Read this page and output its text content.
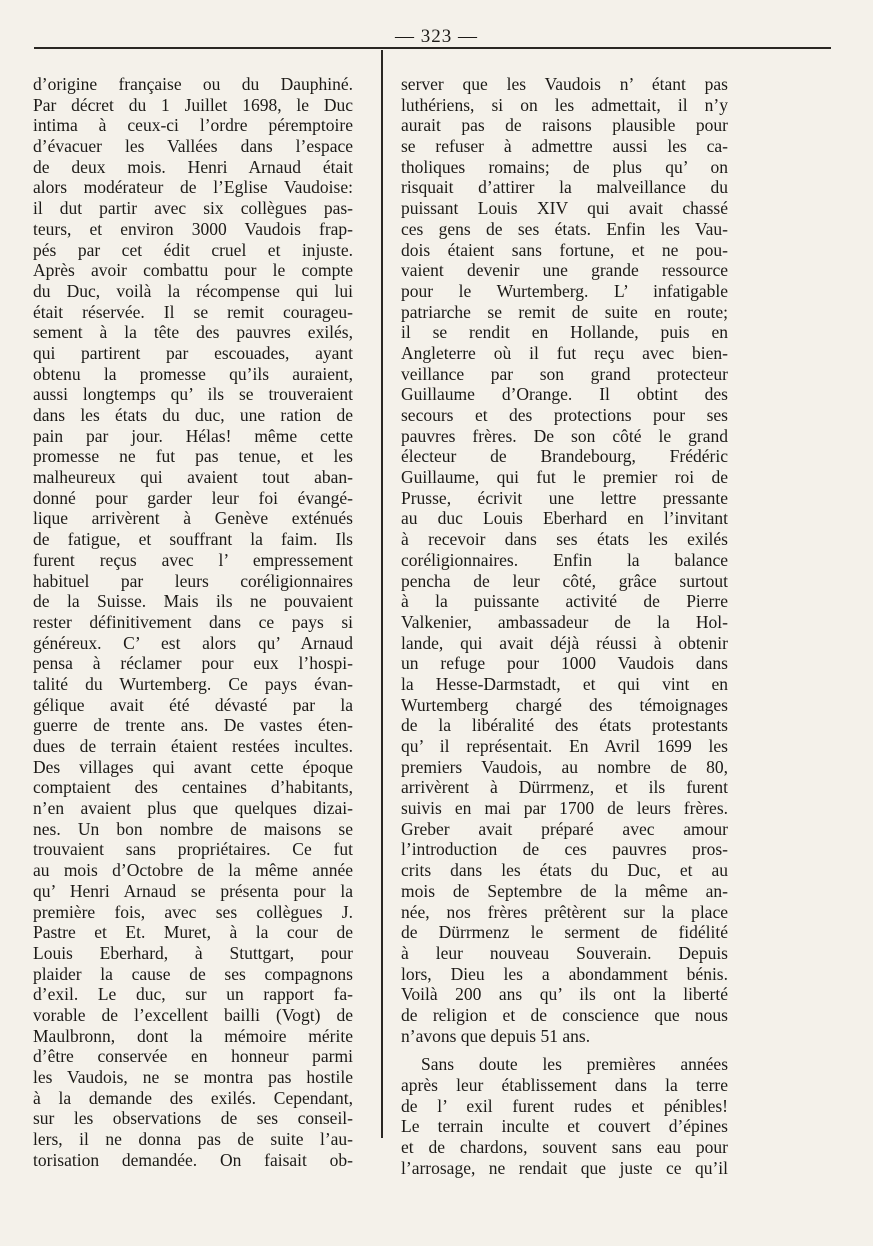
— 323 —
d’origine française ou du Dauphiné.
Par décret du 1 Juillet 1698, le Duc
intima à ceux-ci l’ordre péremptoire
d’évacuer les Vallées dans l’espace
de deux mois. Henri Arnaud était
alors modérateur de l’Eglise Vaudoise:
il dut partir avec six collègues pas-
teurs, et environ 3000 Vaudois frap-
pés par cet édit cruel et injuste.
Après avoir combattu pour le compte
du Duc, voilà la récompense qui lui
était réservée. Il se remit courageu-
sement à la tête des pauvres exilés,
qui partirent par escouades, ayant
obtenu la promesse qu’ils auraient,
aussi longtemps qu’ ils se trouveraient
dans les états du duc, une ration de
pain par jour. Hélas! même cette
promesse ne fut pas tenue, et les
malheureux qui avaient tout aban-
donné pour garder leur foi évangé-
lique arrivèrent à Genève exténués
de fatigue, et souffrant la faim. Ils
furent reçus avec l’ empressement
habituel par leurs coréligionnaires
de la Suisse. Mais ils ne pouvaient
rester définitivement dans ce pays si
généreux. C’ est alors qu’ Arnaud
pensa à réclamer pour eux l’hospi-
talité du Wurtemberg. Ce pays évan-
gélique avait été dévasté par la
guerre de trente ans. De vastes éten-
dues de terrain étaient restées incultes.
Des villages qui avant cette époque
comptaient des centaines d’habitants,
n’en avaient plus que quelques dizai-
nes. Un bon nombre de maisons se
trouvaient sans propriétaires. Ce fut
au mois d’Octobre de la même année
qu’ Henri Arnaud se présenta pour la
première fois, avec ses collègues J.
Pastre et Et. Muret, à la cour de
Louis Eberhard, à Stuttgart, pour
plaider la cause de ses compagnons
d’exil. Le duc, sur un rapport fa-
vorable de l’excellent bailli (Vogt) de
Maulbronn, dont la mémoire mérite
d’être conservée en honneur parmi
les Vaudois, ne se montra pas hostile
à la demande des exilés. Cependant,
sur les observations de ses conseil-
lers, il ne donna pas de suite l’au-
torisation demandée. On faisait ob-
server que les Vaudois n’ étant pas
luthériens, si on les admettait, il n’y
aurait pas de raisons plausible pour
se refuser à admettre aussi les ca-
tholiques romains; de plus qu’ on
risquait d’attirer la malveillance du
puissant Louis XIV qui avait chassé
ces gens de ses états. Enfin les Vau-
dois étaient sans fortune, et ne pou-
vaient devenir une grande ressource
pour le Wurtemberg. L’ infatigable
patriarche se remit de suite en route;
il se rendit en Hollande, puis en
Angleterre où il fut reçu avec bien-
veillance par son grand protecteur
Guillaume d’Orange. Il obtint des
secours et des protections pour ses
pauvres frères. De son côté le grand
électeur de Brandebourg, Frédéric
Guillaume, qui fut le premier roi de
Prusse, écrivit une lettre pressante
au duc Louis Eberhard en l’invitant
à recevoir dans ses états les exilés
coréligionnaires. Enfin la balance
pencha de leur côté, grâce surtout
à la puissante activité de Pierre
Valkenier, ambassadeur de la Hol-
lande, qui avait déjà réussi à obtenir
un refuge pour 1000 Vaudois dans
la Hesse-Darmstadt, et qui vint en
Wurtemberg chargé des témoignages
de la libéralité des états protestants
qu’ il représentait. En Avril 1699 les
premiers Vaudois, au nombre de 80,
arrivèrent à Dürrmenz, et ils furent
suivis en mai par 1700 de leurs frères.
Greber avait préparé avec amour
l’introduction de ces pauvres pros-
crits dans les états du Duc, et au
mois de Septembre de la même an-
née, nos frères prêtèrent sur la place
de Dürrmenz le serment de fidélité
à leur nouveau Souverain. Depuis
lors, Dieu les a abondamment bénis.
Voilà 200 ans qu’ ils ont la liberté
de religion et de conscience que nous
n’avons que depuis 51 ans.
Sans doute les premières années
après leur établissement dans la terre
de l’ exil furent rudes et pénibles!
Le terrain inculte et couvert d’épines
et de chardons, souvent sans eau pour
l’arrosage, ne rendait que juste ce qu’il
